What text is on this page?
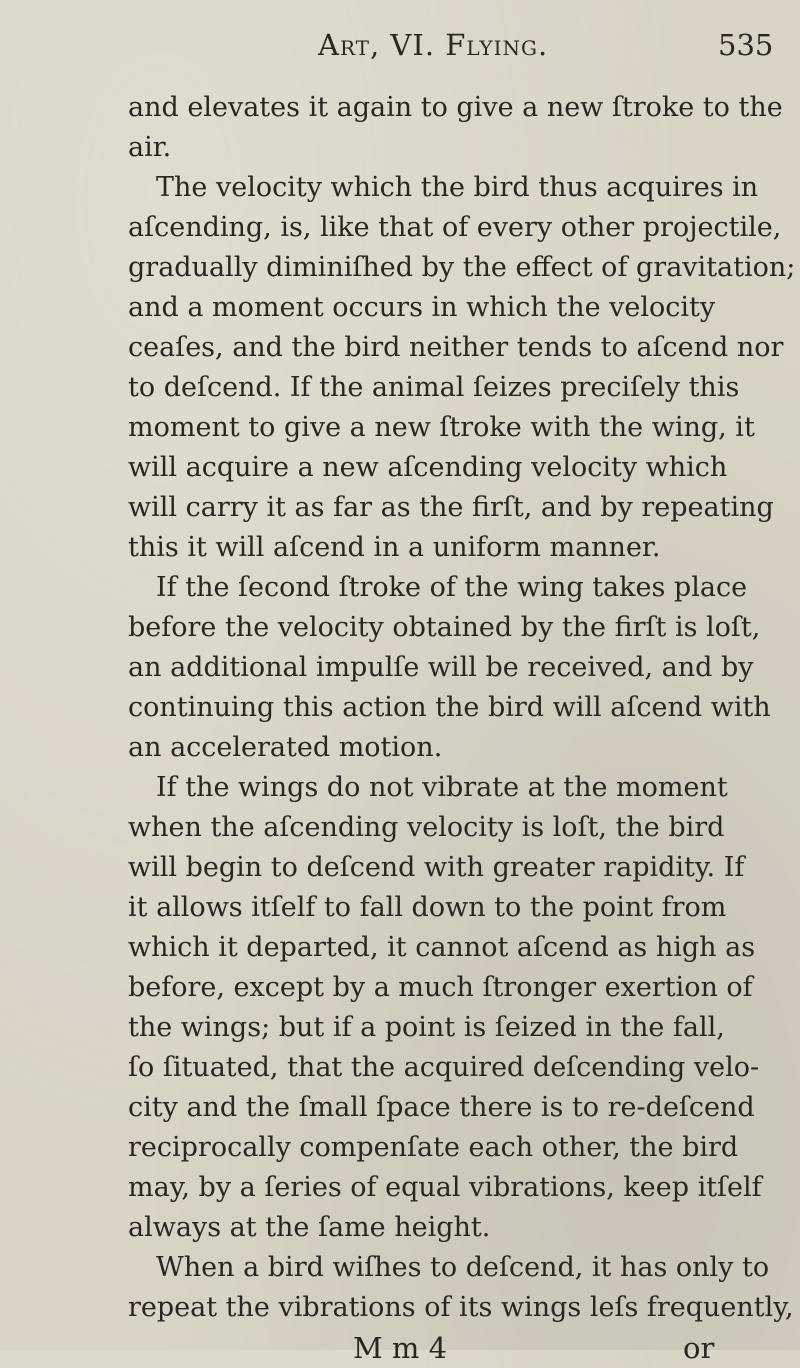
Art, VI. Flying.	535
and elevates it again to give a new ſtroke to the
air.
The velocity which the bird thus acquires in
aſcending, is, like that of every other projectile,
gradually diminiſhed by the effect of gravitation;
and a moment occurs in which the velocity
ceaſes, and the bird neither tends to aſcend nor
to deſcend. If the animal ſeizes preciſely this
moment to give a new ſtroke with the wing, it
will acquire a new aſcending velocity which
will carry it as far as the firſt, and by repeating
this it will aſcend in a uniform manner.
If the ſecond ſtroke of the wing takes place
before the velocity obtained by the firſt is loſt,
an additional impulſe will be received, and by
continuing this action the bird will aſcend with
an accelerated motion.
If the wings do not vibrate at the moment
when the aſcending velocity is loſt, the bird
will begin to deſcend with greater rapidity. If
it allows itſelf to fall down to the point from
which it departed, it cannot aſcend as high as
before, except by a much ſtronger exertion of
the wings; but if a point is ſeized in the fall,
ſo ſituated, that the acquired deſcending velo-
city and the ſmall ſpace there is to re-deſcend
reciprocally compenſate each other, the bird
may, by a ſeries of equal vibrations, keep itſelf
always at the ſame height.
When a bird wiſhes to deſcend, it has only to
repeat the vibrations of its wings leſs frequently,
M m 4	or
